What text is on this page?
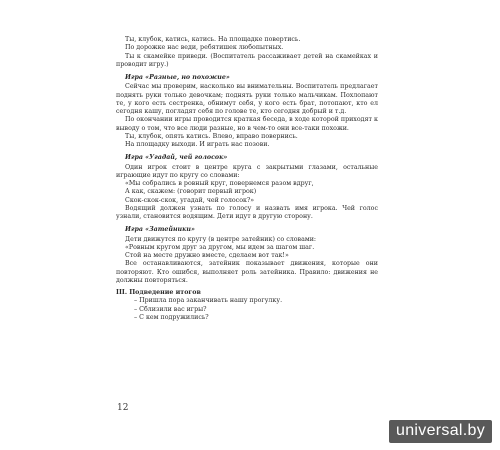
Ты, клубок, катись, катись. На площадке повертись.

По дорожке нас веди, ребятишек любопытных.

Ты к скамейке приведи. (Воспитатель рассаживает детей на скамейках и проводит игру.)

Игра «Разные, но похожие»

Сейчас мы проверим, насколько вы внимательны. Воспитатель предлагает поднять руки только девочкам; поднять руки только мальчикам. Похлопают те, у кого есть сестренка, обнимут себя, у кого есть брат, потопают, кто ел сегодня кашу, погладят себя по голове те, кто сегодня добрый и т.д.

По окончании игры проводится краткая беседа, в ходе которой приходят к выводу о том, что все люди разные, но в чем-то они все-таки похожи.

Ты, клубок, опять катись. Влево, вправо повернись.

На площадку выходи. И играть нас позови.

Игра «Угадай, чей голосок»

Один игрок стоит в центре круга с закрытыми глазами, остальные играющие идут по кругу со словами:

«Мы собрались в ровный круг, повернемся разом вдруг,

А как, скажем: (говорит первый игрок)

Скок-скок-скок, угадай, чей голосок?»

Водящий должен узнать по голосу и назвать имя игрока. Чей голос узнали, становится водящим. Дети идут в другую сторону.

Игра «Затейники»

Дети движутся по кругу (в центре затейник) со словами:

«Ровным кругом друг за другом, мы идем за шагом шаг.

Стой на месте дружно вместе, сделаем вот так!»

Все останавливаются, затейник показывает движения, которые они повторяют. Кто ошибся, выполняет роль затейника. Правило: движения не должны повторяться.

III. Подведение итогов

– Пришла пора заканчивать нашу прогулку.

– Сблизили вас игры?

– С кем подружились?

12
universal.by
